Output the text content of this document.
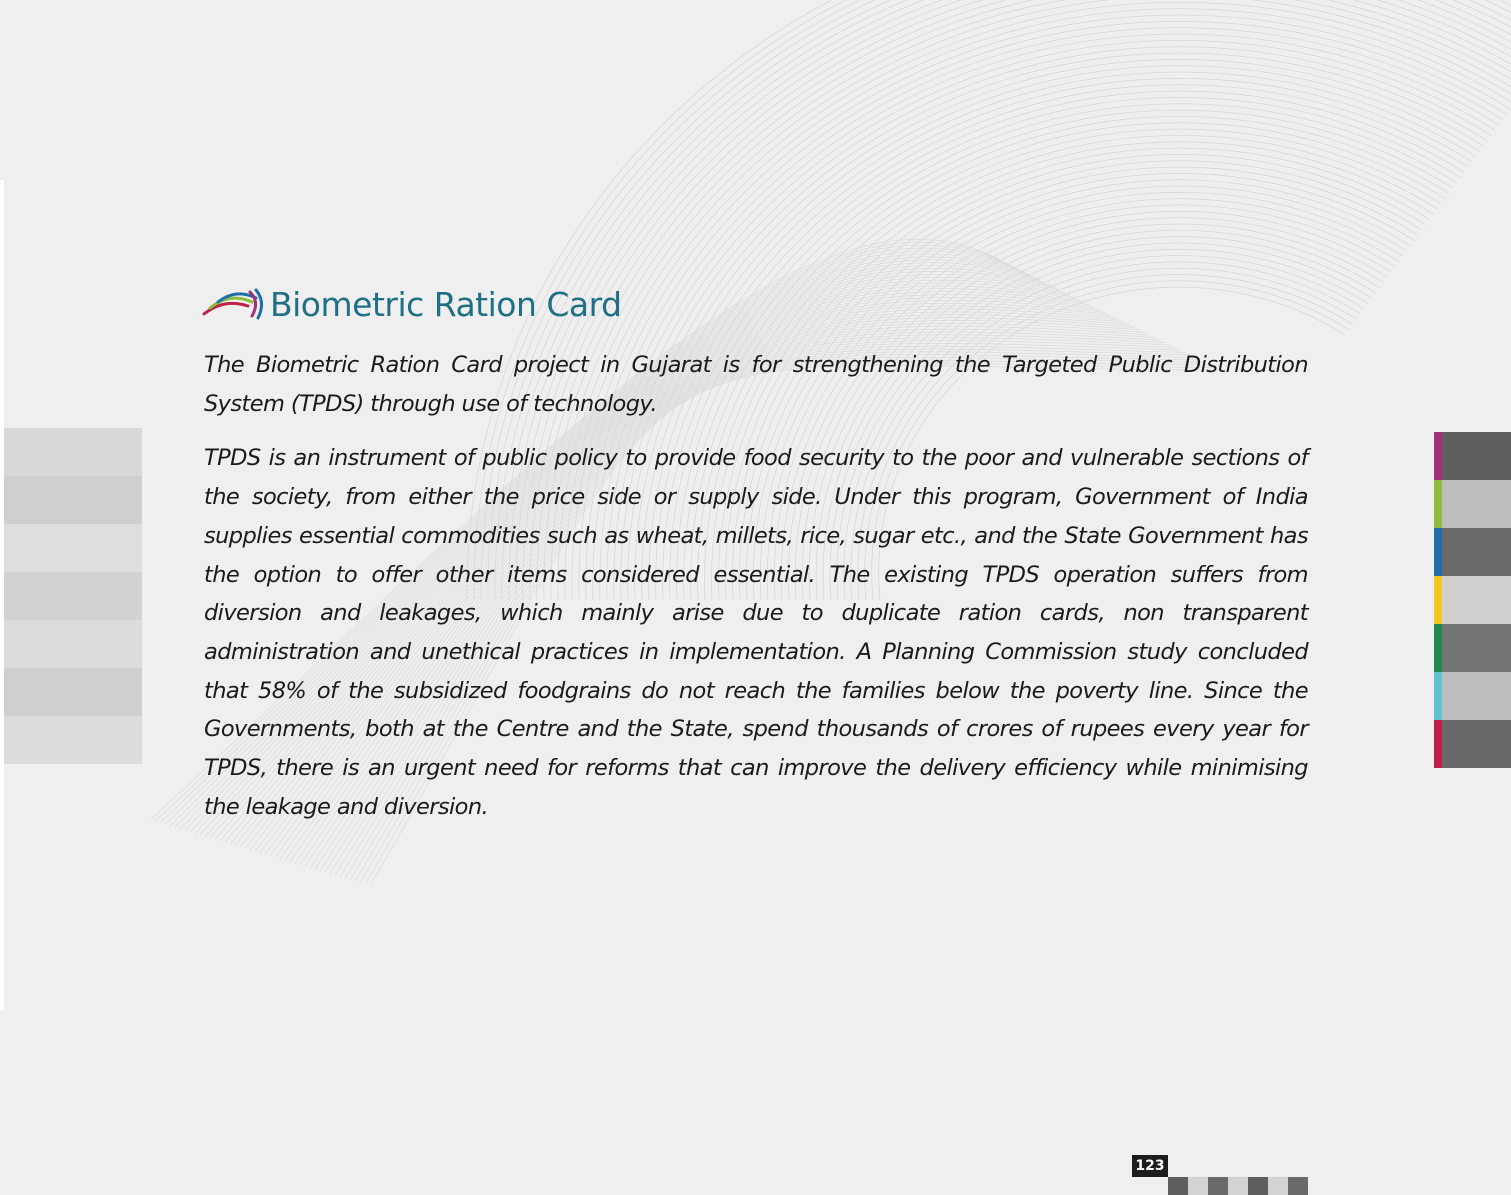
Biometric Ration Card

The Biometric Ration Card project in Gujarat is for strengthening the Targeted Public Distribution System (TPDS) through use of technology.

TPDS is an instrument of public policy to provide food security to the poor and vulnerable sections of the society, from either the price side or supply side. Under this program, Government of India supplies essential commodities such as wheat, millets, rice, sugar etc., and the State Government has the option to offer other items considered essential. The existing TPDS operation suffers from diversion and leakages, which mainly arise due to duplicate ration cards, non transparent administration and unethical practices in implementation. A Planning Commission study concluded that 58% of the subsidized foodgrains do not reach the families below the poverty line. Since the Governments, both at the Centre and the State, spend thousands of crores of rupees every year for TPDS, there is an urgent need for reforms that can improve the delivery efficiency while minimising the leakage and diversion.

123
